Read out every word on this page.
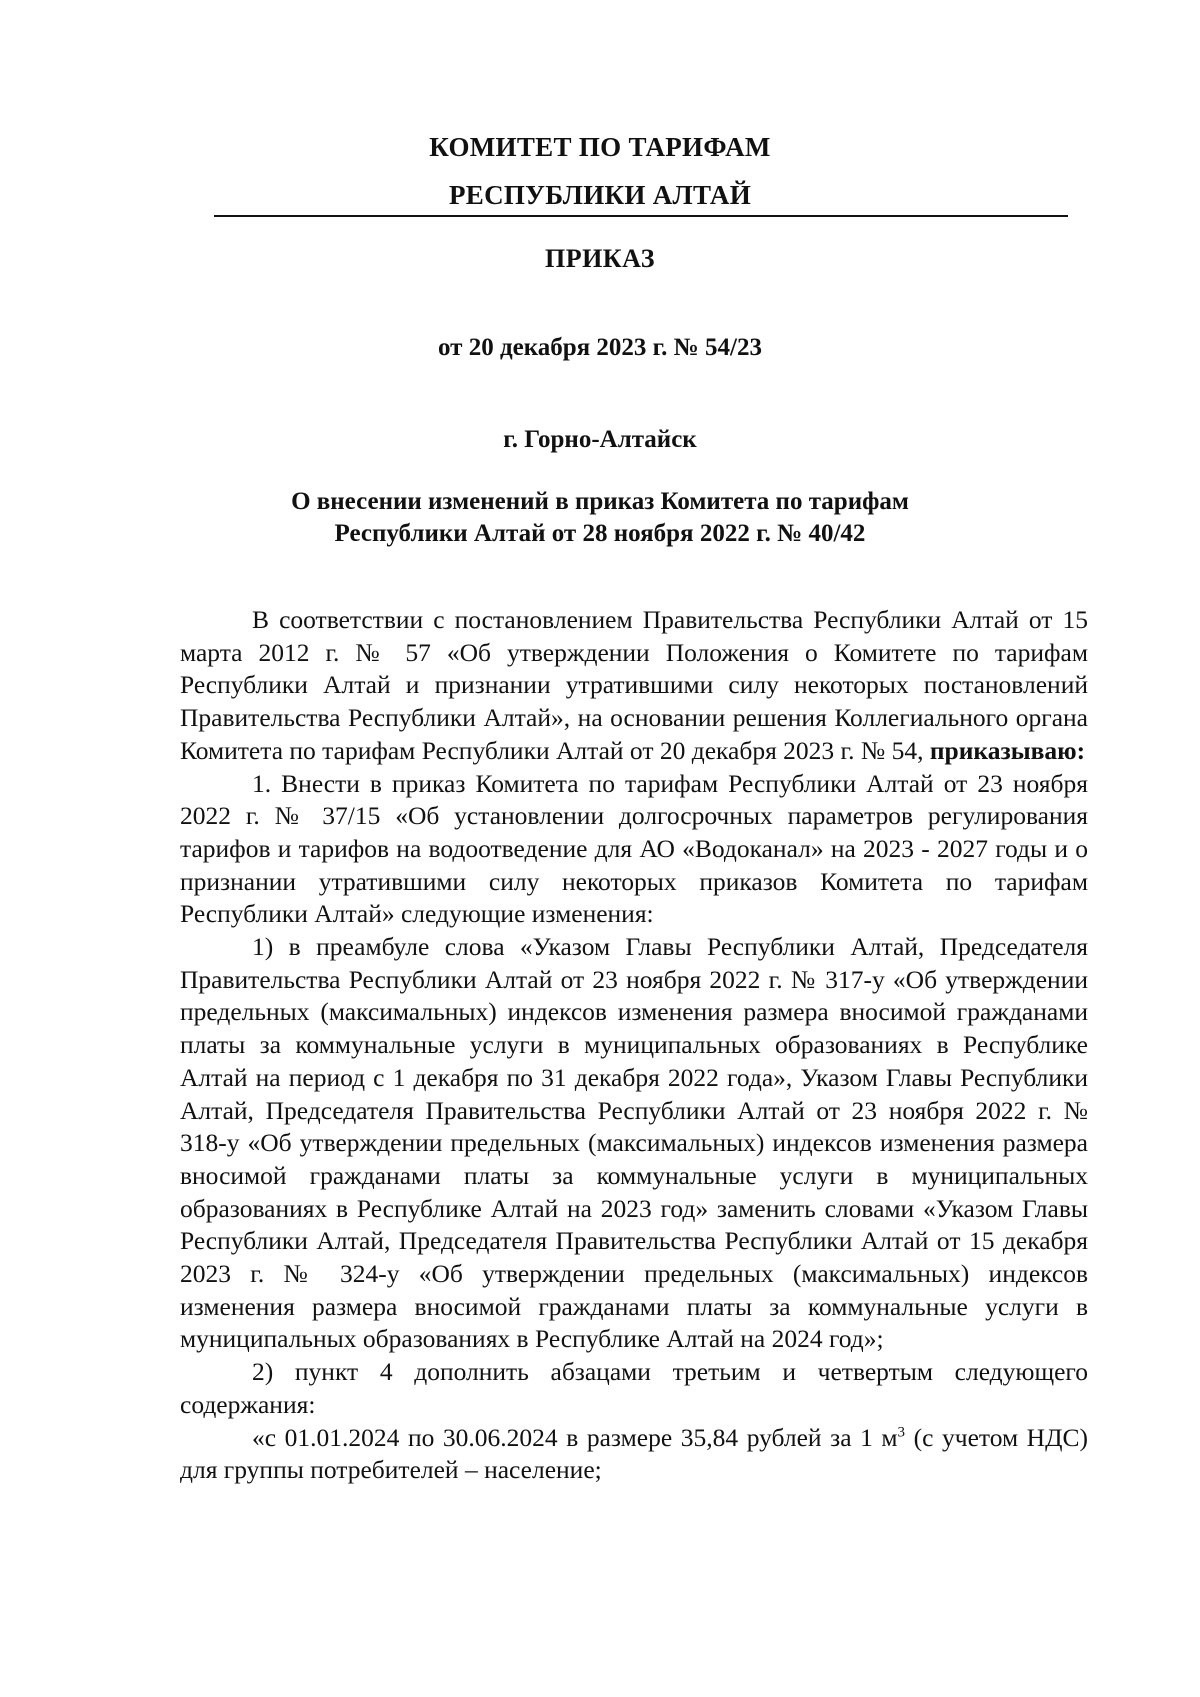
КОМИТЕТ ПО ТАРИФАМ
РЕСПУБЛИКИ АЛТАЙ
ПРИКАЗ
от 20 декабря 2023 г. № 54/23
г. Горно-Алтайск
О внесении изменений в приказ Комитета по тарифам
Республики Алтай от 28 ноября 2022 г. № 40/42

В соответствии с постановлением Правительства Республики Алтай от 15 марта 2012 г. № 57 «Об утверждении Положения о Комитете по тарифам Республики Алтай и признании утратившими силу некоторых постановлений Правительства Республики Алтай», на основании решения Коллегиального органа Комитета по тарифам Республики Алтай от 20 декабря 2023 г. № 54, приказываю:

1. Внести в приказ Комитета по тарифам Республики Алтай от 23 ноября 2022 г. № 37/15 «Об установлении долгосрочных параметров регулирования тарифов и тарифов на водоотведение для АО «Водоканал» на 2023 - 2027 годы и о признании утратившими силу некоторых приказов Комитета по тарифам Республики Алтай» следующие изменения:

1) в преамбуле слова «Указом Главы Республики Алтай, Председателя Правительства Республики Алтай от 23 ноября 2022 г. № 317-у «Об утверждении предельных (максимальных) индексов изменения размера вносимой гражданами платы за коммунальные услуги в муниципальных образованиях в Республике Алтай на период с 1 декабря по 31 декабря 2022 года», Указом Главы Республики Алтай, Председателя Правительства Республики Алтай от 23 ноября 2022 г. № 318-у «Об утверждении предельных (максимальных) индексов изменения размера вносимой гражданами платы за коммунальные услуги в муниципальных образованиях в Республике Алтай на 2023 год» заменить словами «Указом Главы Республики Алтай, Председателя Правительства Республики Алтай от 15 декабря 2023 г. № 324-у «Об утверждении предельных (максимальных) индексов изменения размера вносимой гражданами платы за коммунальные услуги в муниципальных образованиях в Республике Алтай на 2024 год»;

2) пункт 4 дополнить абзацами третьим и четвертым следующего содержания:

«с 01.01.2024 по 30.06.2024 в размере 35,84 рублей за 1 $м^3$ (с учетом НДС) для группы потребителей – население;
